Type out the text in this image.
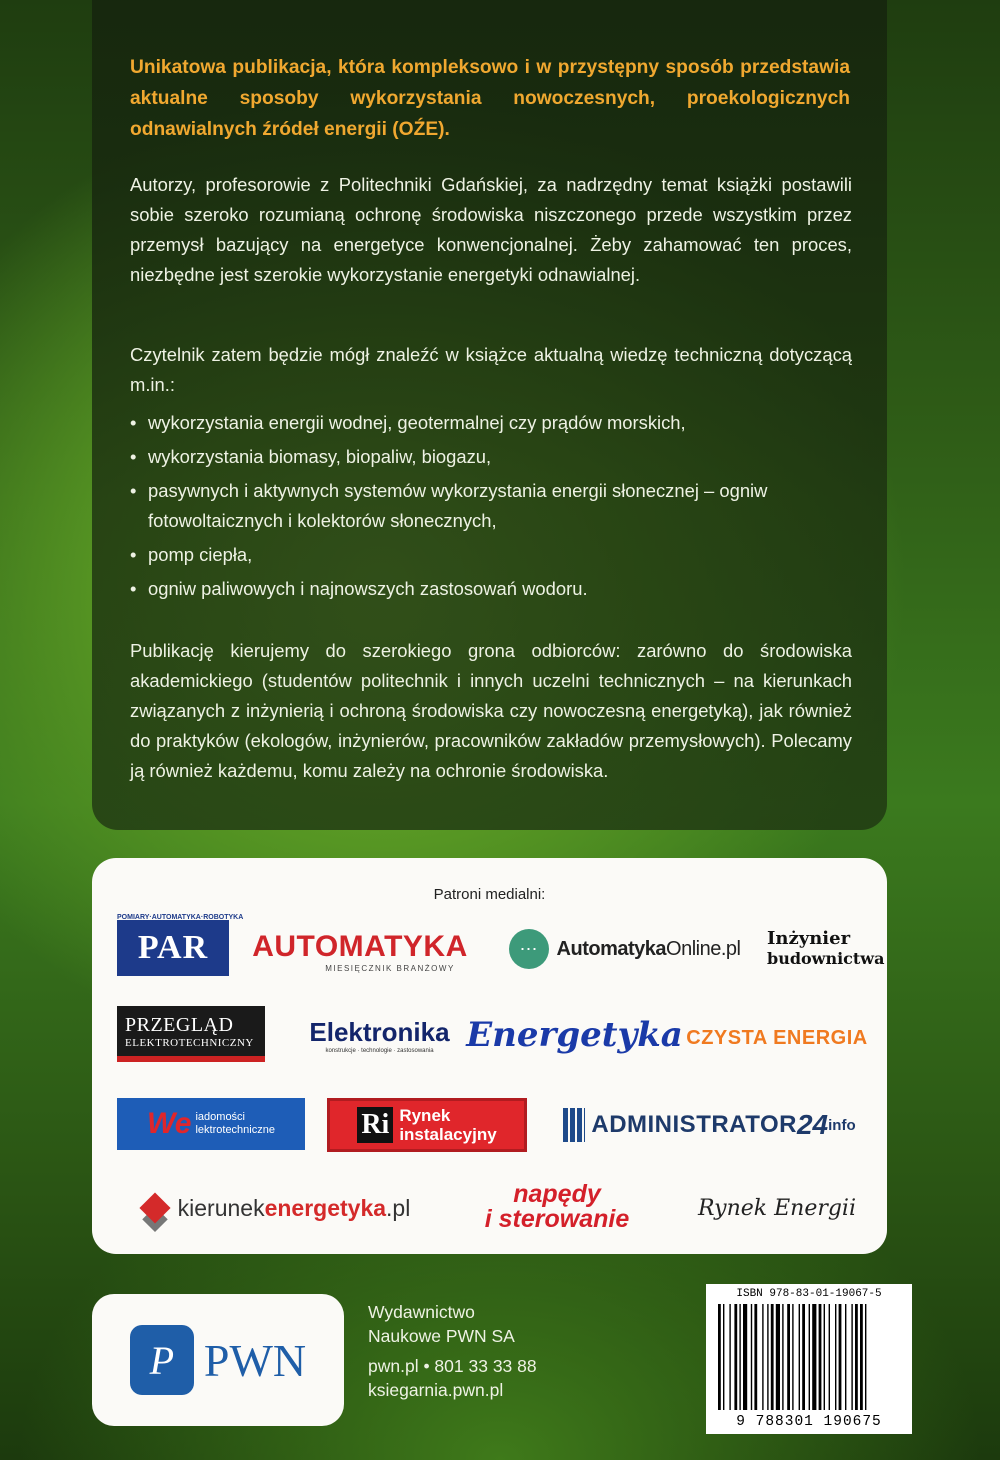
Unikatowa publikacja, która kompleksowo i w przystępny sposób przedstawia aktualne sposoby wykorzystania nowoczesnych, proekologicznych odnawialnych źródeł energii (OŹE).
Autorzy, profesorowie z Politechniki Gdańskiej, za nadrzędny temat książki postawili sobie szeroko rozumianą ochronę środowiska niszczonego przede wszystkim przez przemysł bazujący na energetyce konwencjonalnej. Żeby zahamować ten proces, niezbędne jest szerokie wykorzystanie energetyki odnawialnej.
Czytelnik zatem będzie mógł znaleźć w książce aktualną wiedzę techniczną dotyczącą m.in.:
• wykorzystania energii wodnej, geotermalnej czy prądów morskich,
• wykorzystania biomasy, biopaliw, biogazu,
• pasywnych i aktywnych systemów wykorzystania energii słonecznej – ogniw fotowoltaicznych i kolektorów słonecznych,
• pomp ciepła,
• ogniw paliwowych i najnowszych zastosowań wodoru.
Publikację kierujemy do szerokiego grona odbiorców: zarówno do środowiska akademickiego (studentów politechnik i innych uczelni technicznych – na kierunkach związanych z inżynierią i ochroną środowiska czy nowoczesną energetyką), jak również do praktyków (ekologów, inżynierów, pracowników zakładów przemysłowych). Polecamy ją również każdemu, komu zależy na ochronie środowiska.
Patroni medialni:
POMIARY·AUTOMATYKA·ROBOTYKA
PAR AUTOMATYKA
MIESIĘCZNIK BRANŻOWY
⋯ AutomatykaOnline.pl Inżynier
budownictwa
PRZEGLĄD
ELEKTROTECHNICZNY Elektronika
konstrukcje · technologie · zastosowania Energetyka CZYSTA ENERGIA
We iadomości
lektrotechniczne	Ri Rynek
instalacyjny	ADMINISTRATOR 24 info
kierunekenergetyka.pl	napędy
i sterowanie	Rynek Energii
P PWN
Wydawnictwo
Naukowe PWN SA
pwn.pl • 801 33 33 88
ksiegarnia.pwn.pl
ISBN 978-83-01-19067-5
9 788301 190675
